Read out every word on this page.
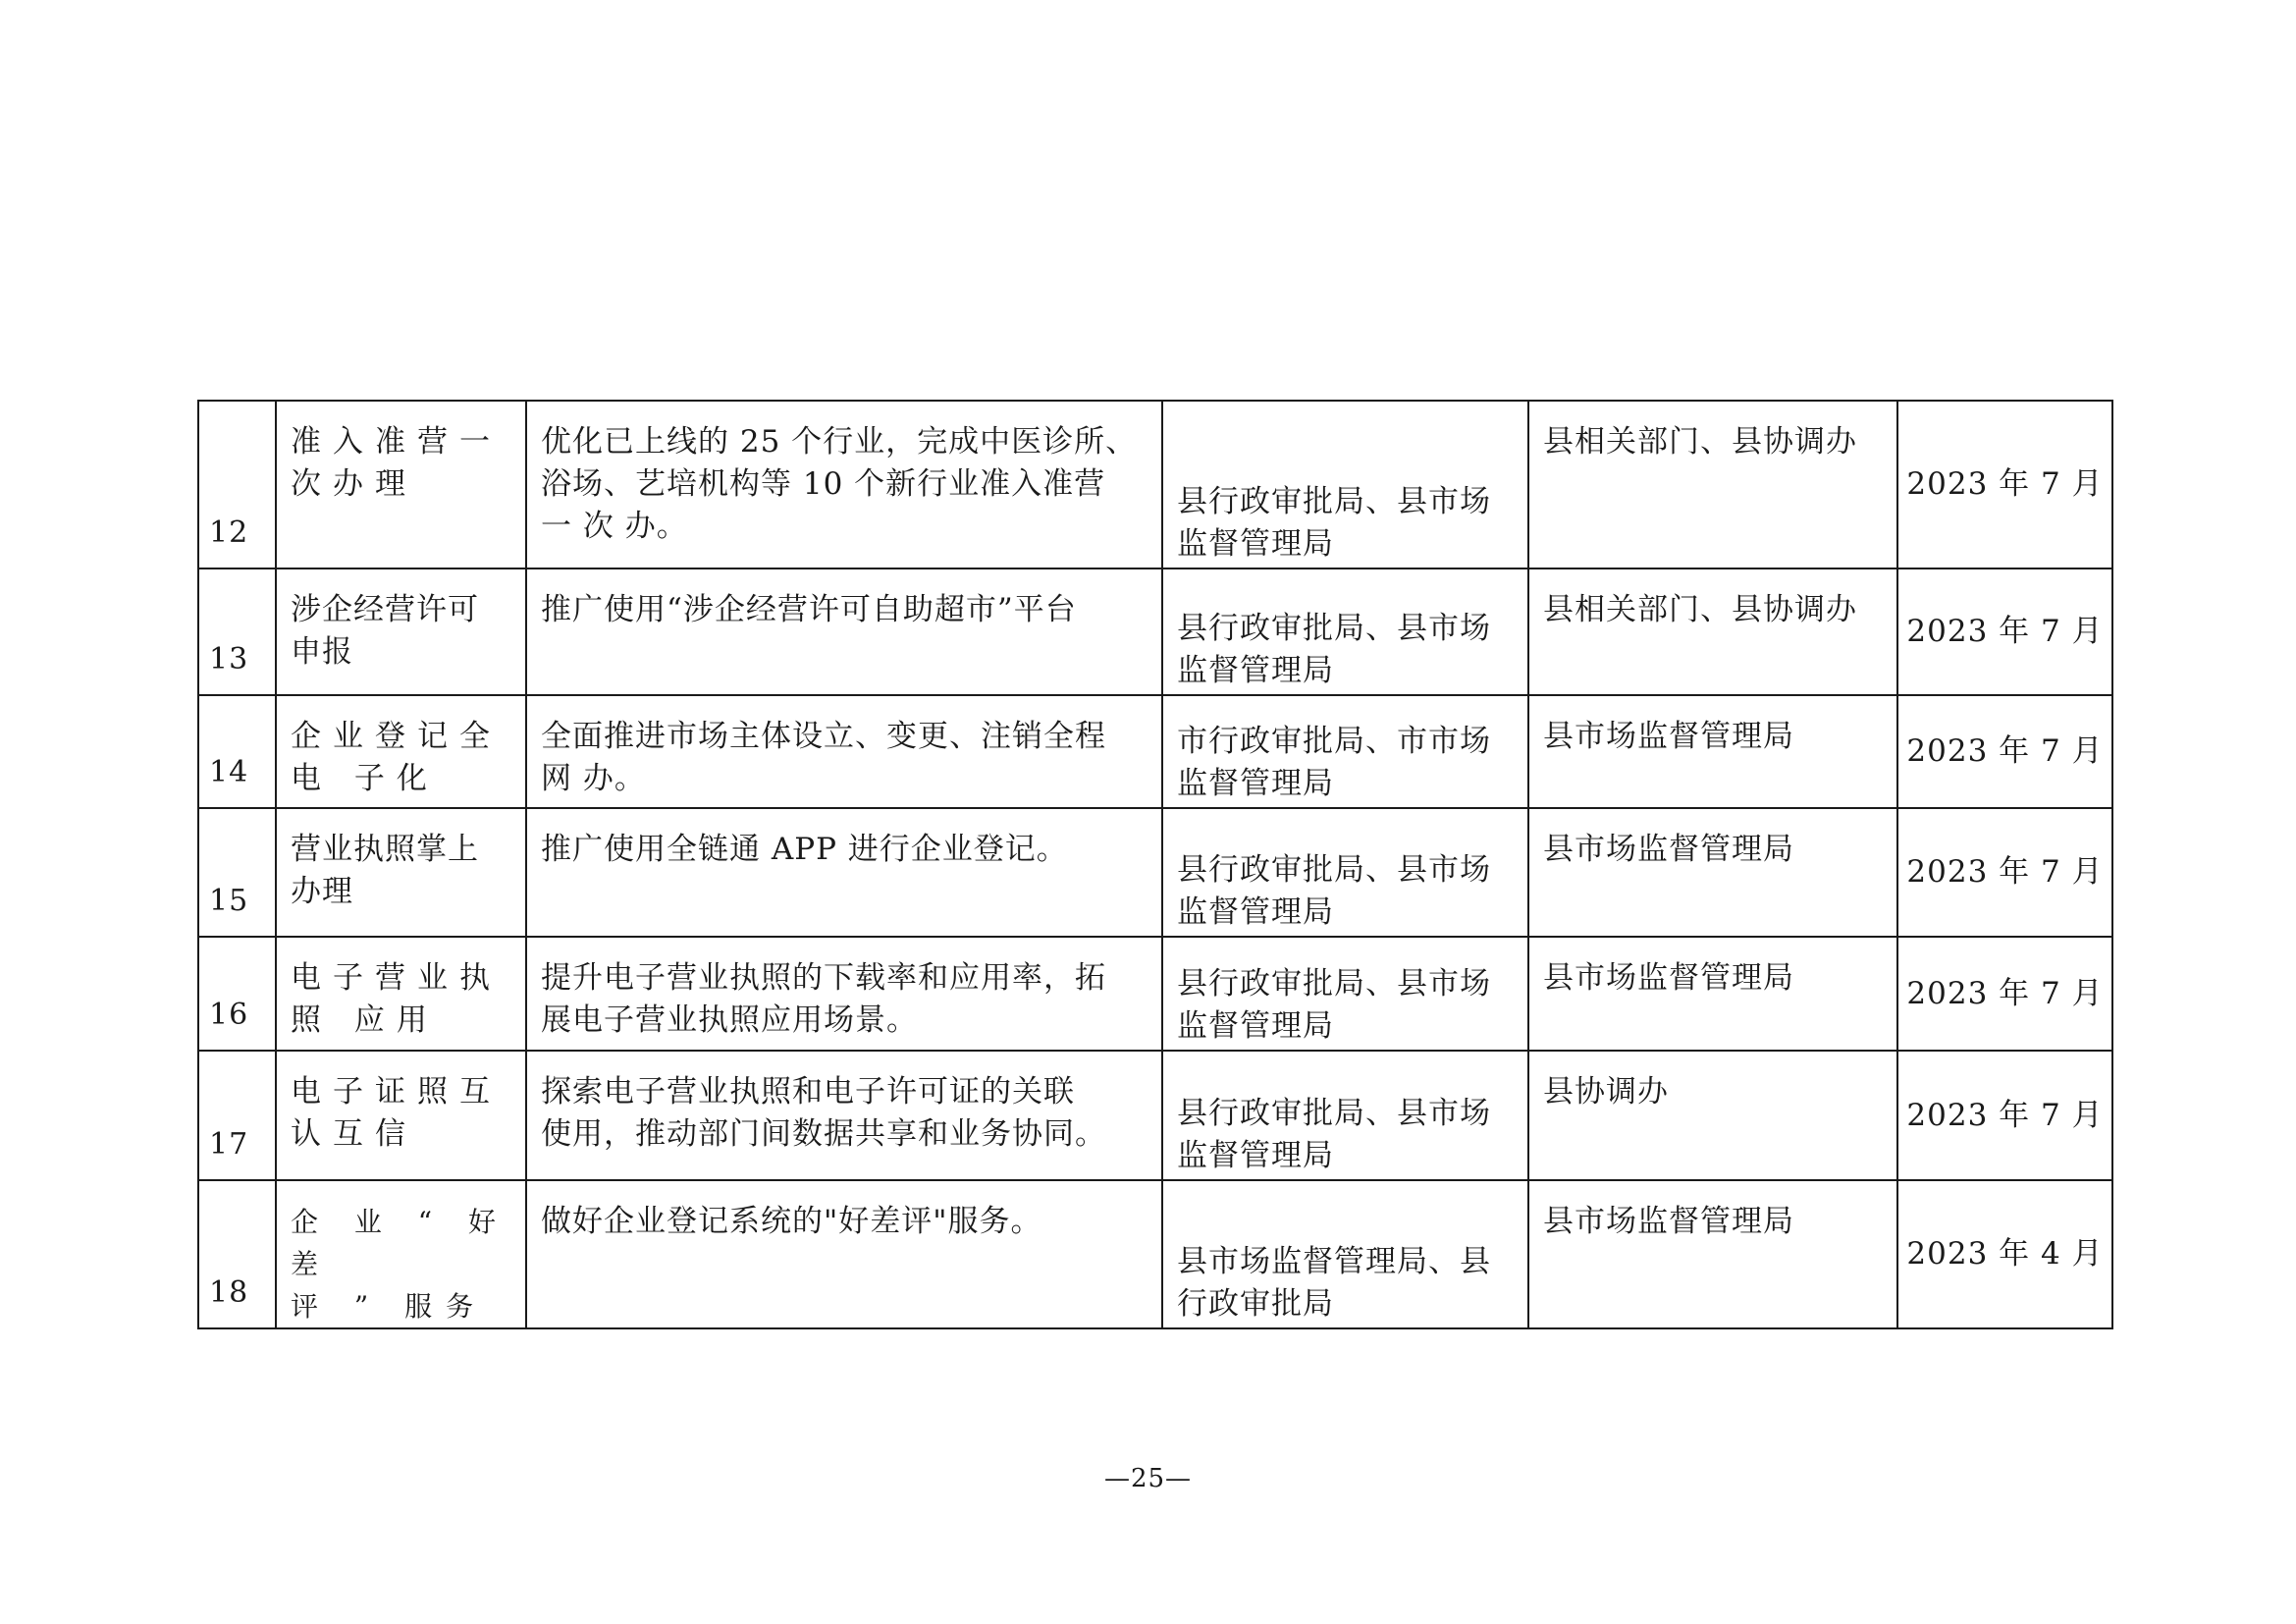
12	准入准营一
次办理	优化已上线的 25 个行业，完成中医诊所、
浴场、艺培机构等 10 个新行业准入准营
一 次 办。	县行政审批局、县市场
监督管理局	县相关部门、县协调办	2023 年 7 月

13	涉企经营许可
申报	推广使用“涉企经营许可自助超市”平台	县行政审批局、县市场
监督管理局	县相关部门、县协调办	2023 年 7 月

14	企业登记全
电 子化	全面推进市场主体设立、变更、注销全程
网 办。	市行政审批局、市市场
监督管理局	县市场监督管理局	2023 年 7 月

15	营业执照掌上
办理	推广使用全链通 APP 进行企业登记。	县行政审批局、县市场
监督管理局	县市场监督管理局	2023 年 7 月

16	电子营业执
照 应用	提升电子营业执照的下载率和应用率，拓
展电子营业执照应用场景。	县行政审批局、县市场
监督管理局	县市场监督管理局	2023 年 7 月

17	电子证照互
认互信	探索电子营业执照和电子许可证的关联
使用，推动部门间数据共享和业务协同。	县行政审批局、县市场
监督管理局	县协调办	2023 年 7 月

18	企 业 “ 好 差
评 ” 服务	做好企业登记系统的"好差评"服务。	县市场监督管理局、县
行政审批局	县市场监督管理局	2023 年 4 月
—25—
